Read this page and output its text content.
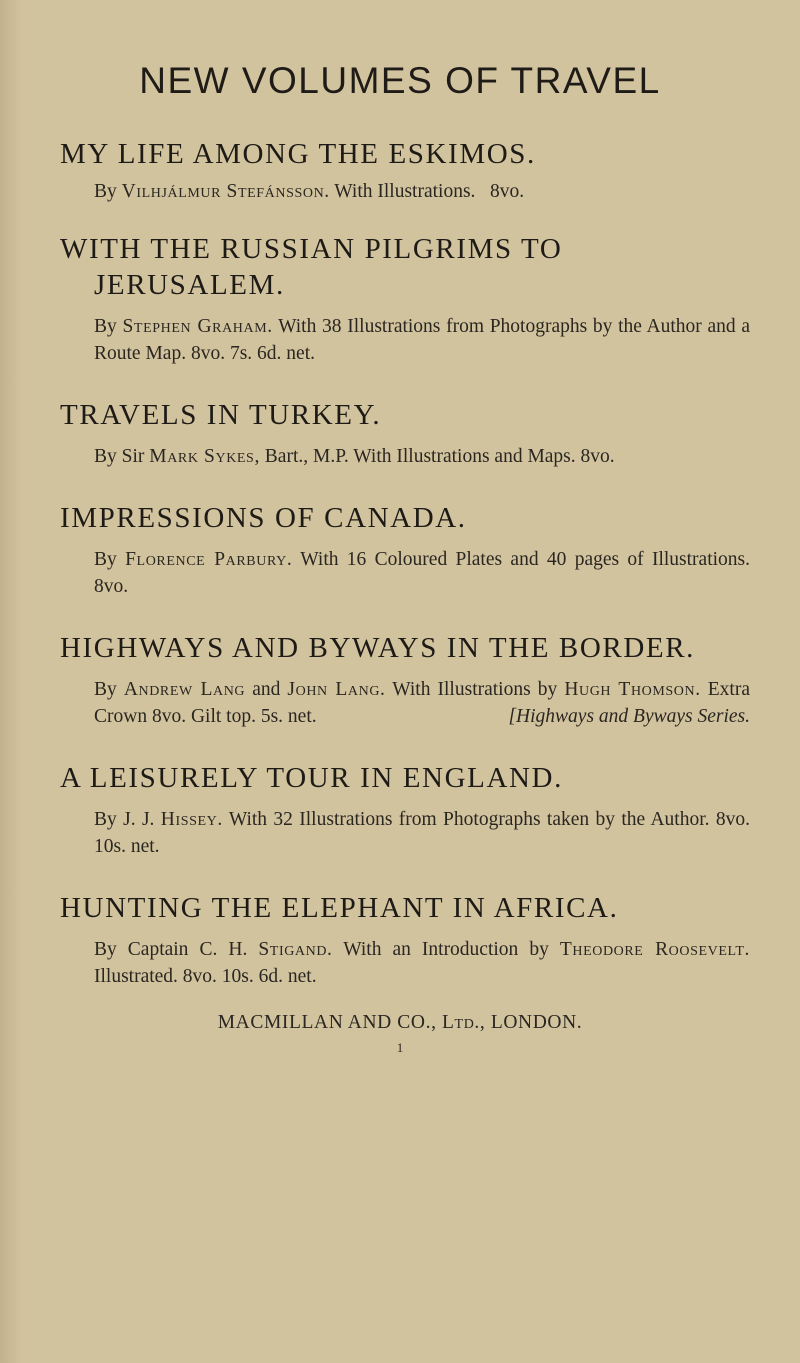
NEW VOLUMES OF TRAVEL
MY LIFE AMONG THE ESKIMOS.
By Vilhjálmur Stefánsson. With Illustrations.   8vo.
WITH THE RUSSIAN PILGRIMS TO JERUSALEM.
By Stephen Graham. With 38 Illustrations from Photographs by the Author and a Route Map. 8vo. 7s. 6d. net.
TRAVELS IN TURKEY.
By Sir Mark Sykes, Bart., M.P. With Illustrations and Maps. 8vo.
IMPRESSIONS OF CANADA.
By Florence Parbury. With 16 Coloured Plates and 40 pages of Illustrations. 8vo.
HIGHWAYS AND BYWAYS IN THE BORDER.
By Andrew Lang and John Lang. With Illustrations by Hugh Thomson. Extra Crown 8vo. Gilt top. 5s. net.	[Highways and Byways Series.
A LEISURELY TOUR IN ENGLAND.
By J. J. Hissey. With 32 Illustrations from Photographs taken by the Author. 8vo. 10s. net.
HUNTING THE ELEPHANT IN AFRICA.
By Captain C. H. Stigand. With an Introduction by Theodore Roosevelt. Illustrated. 8vo. 10s. 6d. net.
MACMILLAN AND CO., Ltd., LONDON.
1
